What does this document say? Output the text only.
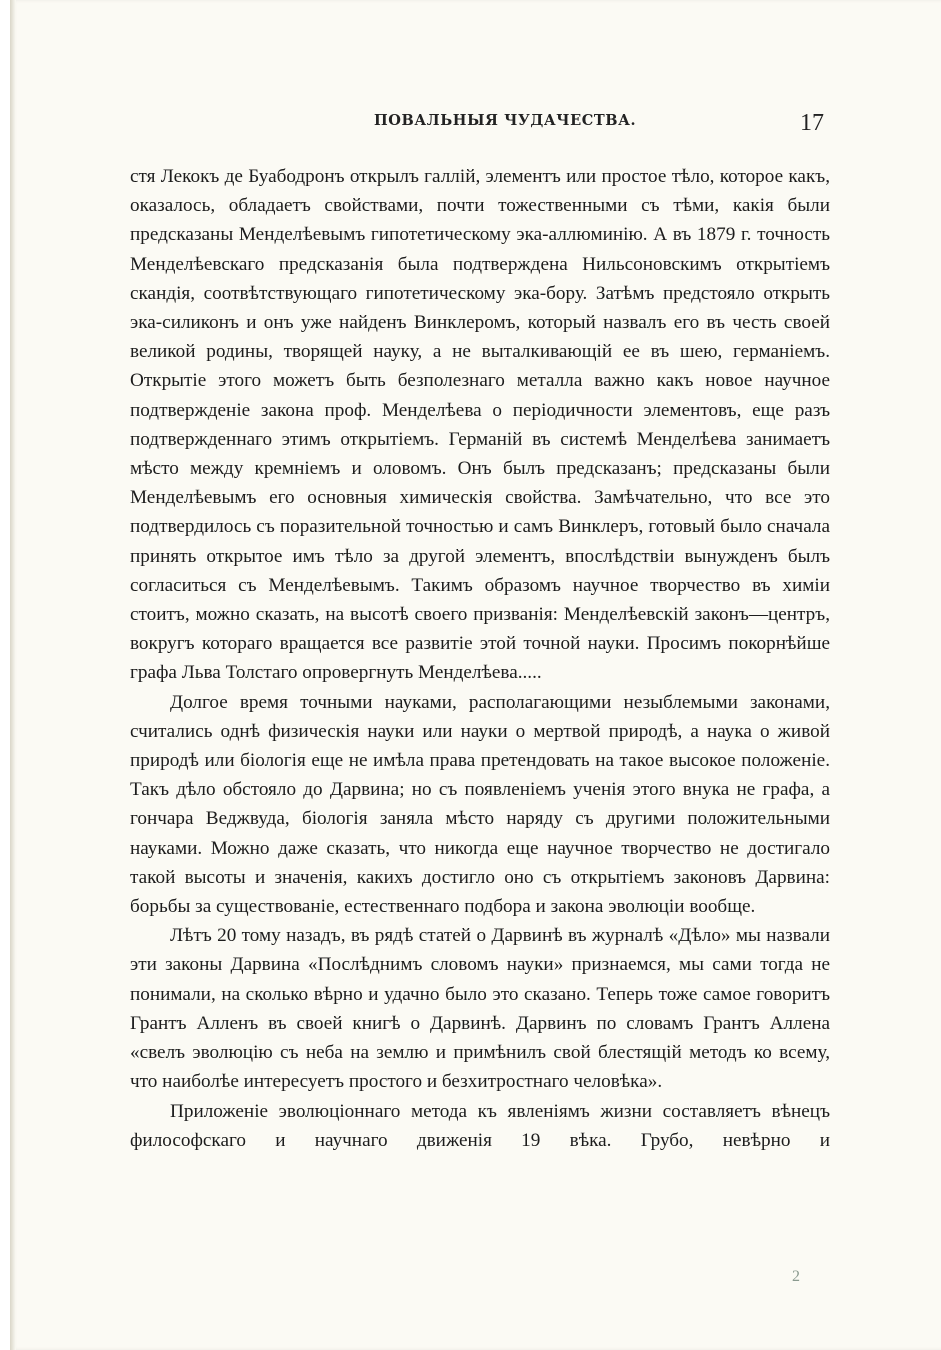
ПОВАЛЬНЫЯ ЧУДАЧЕСТВА.	17

стя Лекокъ де Буабодронъ открылъ галлій, элементъ или простое тѣло, которое какъ, оказалось, обладаетъ свойствами, почти тожественными съ тѣми, какія были предсказаны Менделѣевымъ гипотетическому эка-аллюминію. А въ 1879 г. точность Менделѣевскаго предсказанія была подтверждена Нильсоновскимъ открытіемъ скандія, соотвѣтствующаго гипотетическому эка-бору. Затѣмъ предстояло открыть эка-силиконъ и онъ уже найденъ Винклеромъ, который назвалъ его въ честь своей великой родины, творящей науку, а не выталкивающій ее въ шею, германіемъ. Открытіе этого можетъ быть безполезнаго металла важно какъ новое научное подтвержденіе закона проф. Менделѣева о періодичности элементовъ, еще разъ подтвержденнаго этимъ открытіемъ. Германій въ системѣ Менделѣева занимаетъ мѣсто между кремніемъ и оловомъ. Онъ былъ предсказанъ; предсказаны были Менделѣевымъ его основныя химическія свойства. Замѣчательно, что все это подтвердилось съ поразительной точностью и самъ Винклеръ, готовый было сначала принять открытое имъ тѣло за другой элементъ, впослѣдствіи вынужденъ былъ согласиться съ Менделѣевымъ. Такимъ образомъ научное творчество въ химіи стоитъ, можно сказать, на высотѣ своего призванія: Менделѣевскій законъ—центръ, вокругъ котораго вращается все развитіе этой точной науки. Просимъ покорнѣйше графа Льва Толстаго опровергнуть Менделѣева.....

Долгое время точными науками, располагающими незыблемыми законами, считались однѣ физическія науки или науки о мертвой природѣ, а наука о живой природѣ или біологія еще не имѣла права претендовать на такое высокое положеніе. Такъ дѣло обстояло до Дарвина; но съ появленіемъ ученія этого внука не графа, а гончара Веджвуда, біологія заняла мѣсто наряду съ другими положительными науками. Можно даже сказать, что никогда еще научное творчество не достигало такой высоты и значенія, какихъ достигло оно съ открытіемъ законовъ Дарвина: борьбы за существованіе, естественнаго подбора и закона эволюціи вообще.

Лѣтъ 20 тому назадъ, въ рядѣ статей о Дарвинѣ въ журналѣ «Дѣло» мы назвали эти законы Дарвина «Послѣднимъ словомъ науки» признаемся, мы сами тогда не понимали, на сколько вѣрно и удачно было это сказано. Теперь тоже самое говоритъ Грантъ Алленъ въ своей книгѣ о Дарвинѣ. Дарвинъ по словамъ Грантъ Аллена «свелъ эволюцію съ неба на землю и примѣнилъ свой блестящій методъ ко всему, что наиболѣе интересуетъ простого и безхитростнаго человѣка».

Приложеніе эволюціоннаго метода къ явленіямъ жизни составляетъ вѣнецъ философскаго и научнаго движенія 19 вѣка. Грубо, невѣрно и

2
